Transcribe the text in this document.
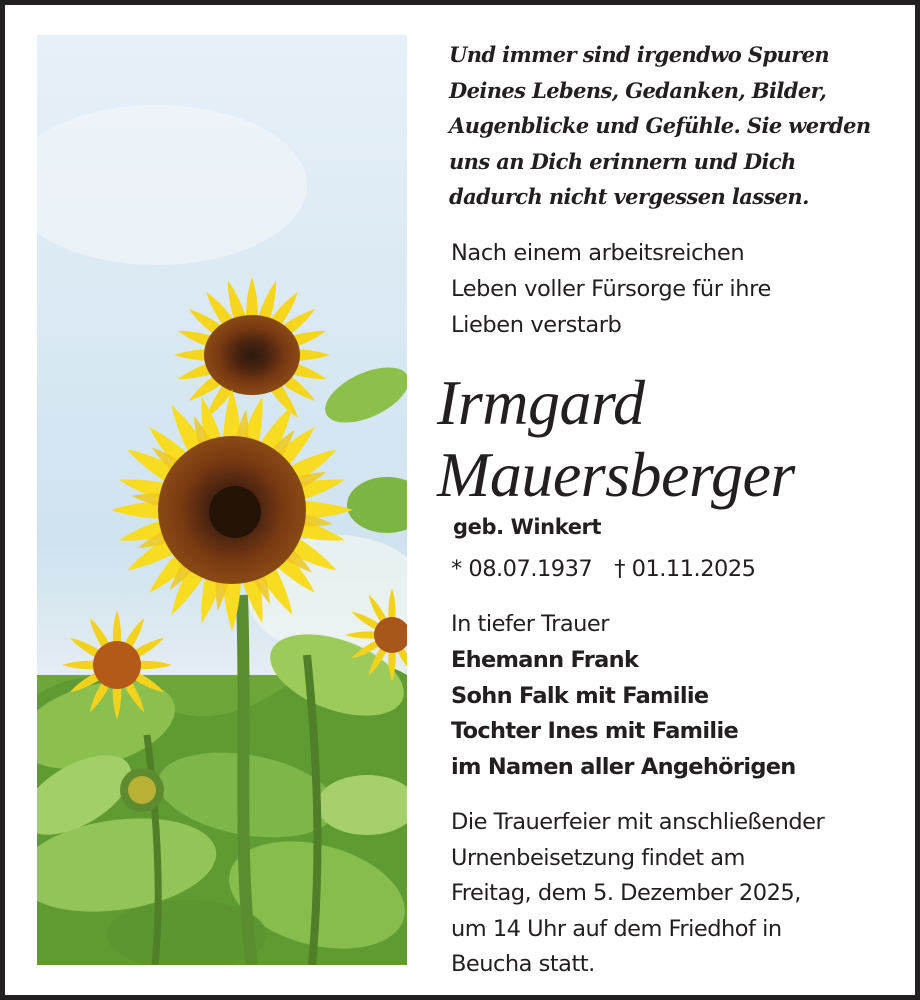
Und immer sind irgendwo Spuren
Deines Lebens, Gedanken, Bilder,
Augenblicke und Gefühle. Sie werden
uns an Dich erinnern und Dich
dadurch nicht vergessen lassen.
Nach einem arbeitsreichen
Leben voller Fürsorge für ihre
Lieben verstarb
Irmgard
Mauersberger
geb. Winkert
* 08.07.1937 † 01.11.2025
In tiefer Trauer
Ehemann Frank
Sohn Falk mit Familie
Tochter Ines mit Familie
im Namen aller Angehörigen
Die Trauerfeier mit anschließender
Urnenbeisetzung findet am
Freitag, dem 5. Dezember 2025,
um 14 Uhr auf dem Friedhof in
Beucha statt.
